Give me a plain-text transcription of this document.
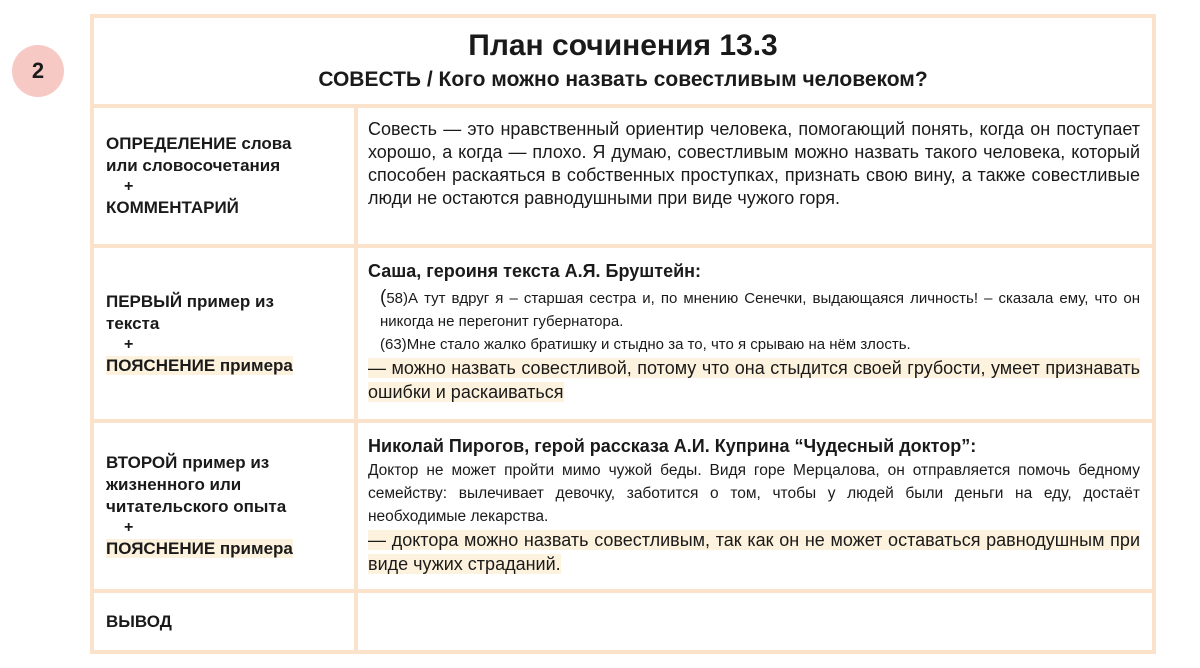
2
План сочинения 13.3
СОВЕСТЬ / Кого можно назвать совестливым человеком?
ОПРЕДЕЛЕНИЕ слова
или словосочетания
+
КОММЕНТАРИЙ
Совесть — это нравственный ориентир человека, помогающий понять, когда он поступает хорошо, а когда — плохо. Я думаю, совестливым можно назвать такого человека, который способен раскаяться в собственных проступках, признать свою вину, а также совестливые люди не остаются равнодушными при виде чужого горя.
ПЕРВЫЙ пример из
текста
+
ПОЯСНЕНИЕ примера
Саша, героиня текста А.Я. Бруштейн:
(58)А тут вдруг я – старшая сестра и, по мнению Сенечки, выдающаяся личность! – сказала ему, что он никогда не перегонит губернатора.
(63)Мне стало жалко братишку и стыдно за то, что я срываю на нём злость.
— можно назвать совестливой, потому что она стыдится своей грубости, умеет признавать ошибки и раскаиваться
ВТОРОЙ пример из
жизненного или
читательского опыта
+
ПОЯСНЕНИЕ примера
Николай Пирогов, герой рассказа А.И. Куприна “Чудесный доктор”:
Доктор не может пройти мимо чужой беды. Видя горе Мерцалова, он отправляется помочь бедному семейству: вылечивает девочку, заботится о том, чтобы у людей были деньги на еду, достаёт необходимые лекарства.
— доктора можно назвать совестливым, так как он не может оставаться равнодушным при виде чужих страданий.
ВЫВОД
